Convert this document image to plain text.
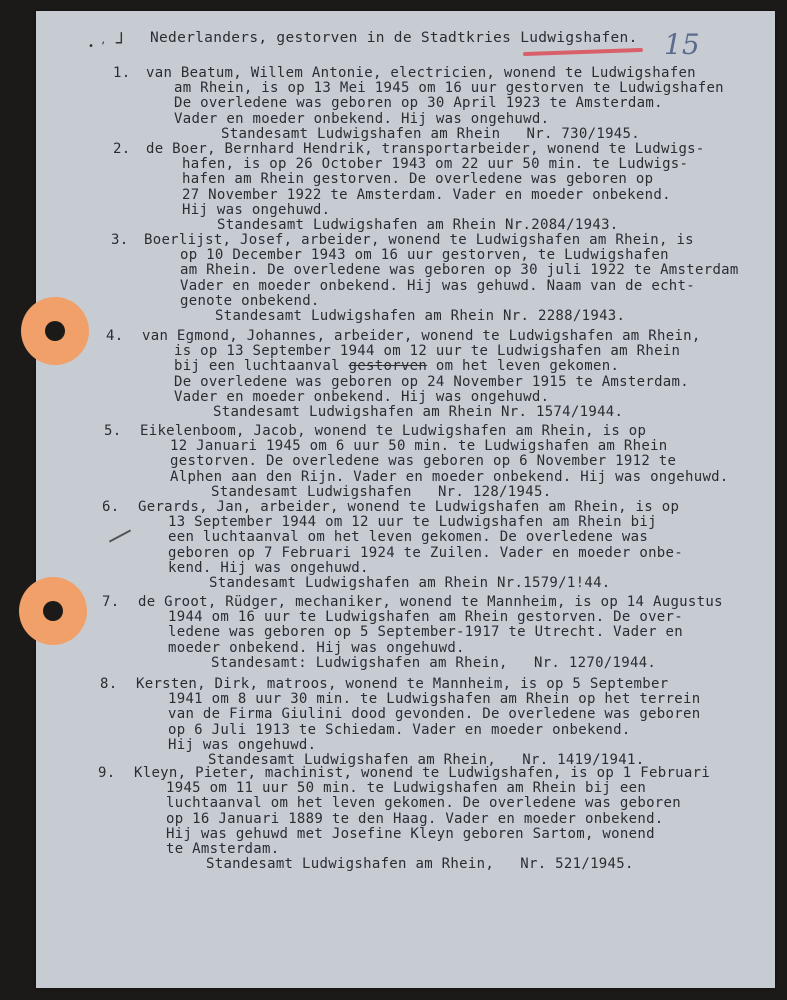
• ʼ ┘ Nederlanders, gestorven in de Stadtkries Ludwigshafen. 15
1. van Beatum, Willem Antonie, electricien, wonend te Ludwigshafen
am Rhein, is op 13 Mei 1945 om 16 uur gestorven te Ludwigshafen
De overledene was geboren op 30 April 1923 te Amsterdam.
Vader en moeder onbekend. Hij was ongehuwd.
Standesamt Ludwigshafen am Rhein   Nr. 730/1945.
2. de Boer, Bernhard Hendrik, transportarbeider, wonend te Ludwigs-
hafen, is op 26 October 1943 om 22 uur 50 min. te Ludwigs-
hafen am Rhein gestorven. De overledene was geboren op
27 November 1922 te Amsterdam. Vader en moeder onbekend.
Hij was ongehuwd.
Standesamt Ludwigshafen am Rhein Nr.2084/1943.
3. Boerlijst, Josef, arbeider, wonend te Ludwigshafen am Rhein, is
op 10 December 1943 om 16 uur gestorven, te Ludwigshafen
am Rhein. De overledene was geboren op 30 juli 1922 te Amsterdam
Vader en moeder onbekend. Hij was gehuwd. Naam van de echt-
genote onbekend.
Standesamt Ludwigshafen am Rhein Nr. 2288/1943.
4. van Egmond, Johannes, arbeider, wonend te Ludwigshafen am Rhein,
is op 13 September 1944 om 12 uur te Ludwigshafen am Rhein
bij een luchtaanval gestorven om het leven gekomen.
De overledene was geboren op 24 November 1915 te Amsterdam.
Vader en moeder onbekend. Hij was ongehuwd.
Standesamt Ludwigshafen am Rhein Nr. 1574/1944.
5. Eikelenboom, Jacob, wonend te Ludwigshafen am Rhein, is op
12 Januari 1945 om 6 uur 50 min. te Ludwigshafen am Rhein
gestorven. De overledene was geboren op 6 November 1912 te
Alphen aan den Rijn. Vader en moeder onbekend. Hij was ongehuwd.
Standesamt Ludwigshafen   Nr. 128/1945.
6. Gerards, Jan, arbeider, wonend te Ludwigshafen am Rhein, is op
13 September 1944 om 12 uur te Ludwigshafen am Rhein bij
een luchtaanval om het leven gekomen. De overledene was
geboren op 7 Februari 1924 te Zuilen. Vader en moeder onbe-
kend. Hij was ongehuwd.
Standesamt Ludwigshafen am Rhein Nr.1579/1!44.
7. de Groot, Rüdger, mechaniker, wonend te Mannheim, is op 14 Augustus
1944 om 16 uur te Ludwigshafen am Rhein gestorven. De over-
ledene was geboren op 5 September-1917 te Utrecht. Vader en
moeder onbekend. Hij was ongehuwd.
Standesamt: Ludwigshafen am Rhein,   Nr. 1270/1944.
8. Kersten, Dirk, matroos, wonend te Mannheim, is op 5 September
1941 om 8 uur 30 min. te Ludwigshafen am Rhein op het terrein
van de Firma Giulini dood gevonden. De overledene was geboren
op 6 Juli 1913 te Schiedam. Vader en moeder onbekend.
Hij was ongehuwd.
Standesamt Ludwigshafen am Rhein,   Nr. 1419/1941.
9. Kleyn, Pieter, machinist, wonend te Ludwigshafen, is op 1 Februari
1945 om 11 uur 50 min. te Ludwigshafen am Rhein bij een
luchtaanval om het leven gekomen. De overledene was geboren
op 16 Januari 1889 te den Haag. Vader en moeder onbekend.
Hij was gehuwd met Josefine Kleyn geboren Sartom, wonend
te Amsterdam.
Standesamt Ludwigshafen am Rhein,   Nr. 521/1945.
